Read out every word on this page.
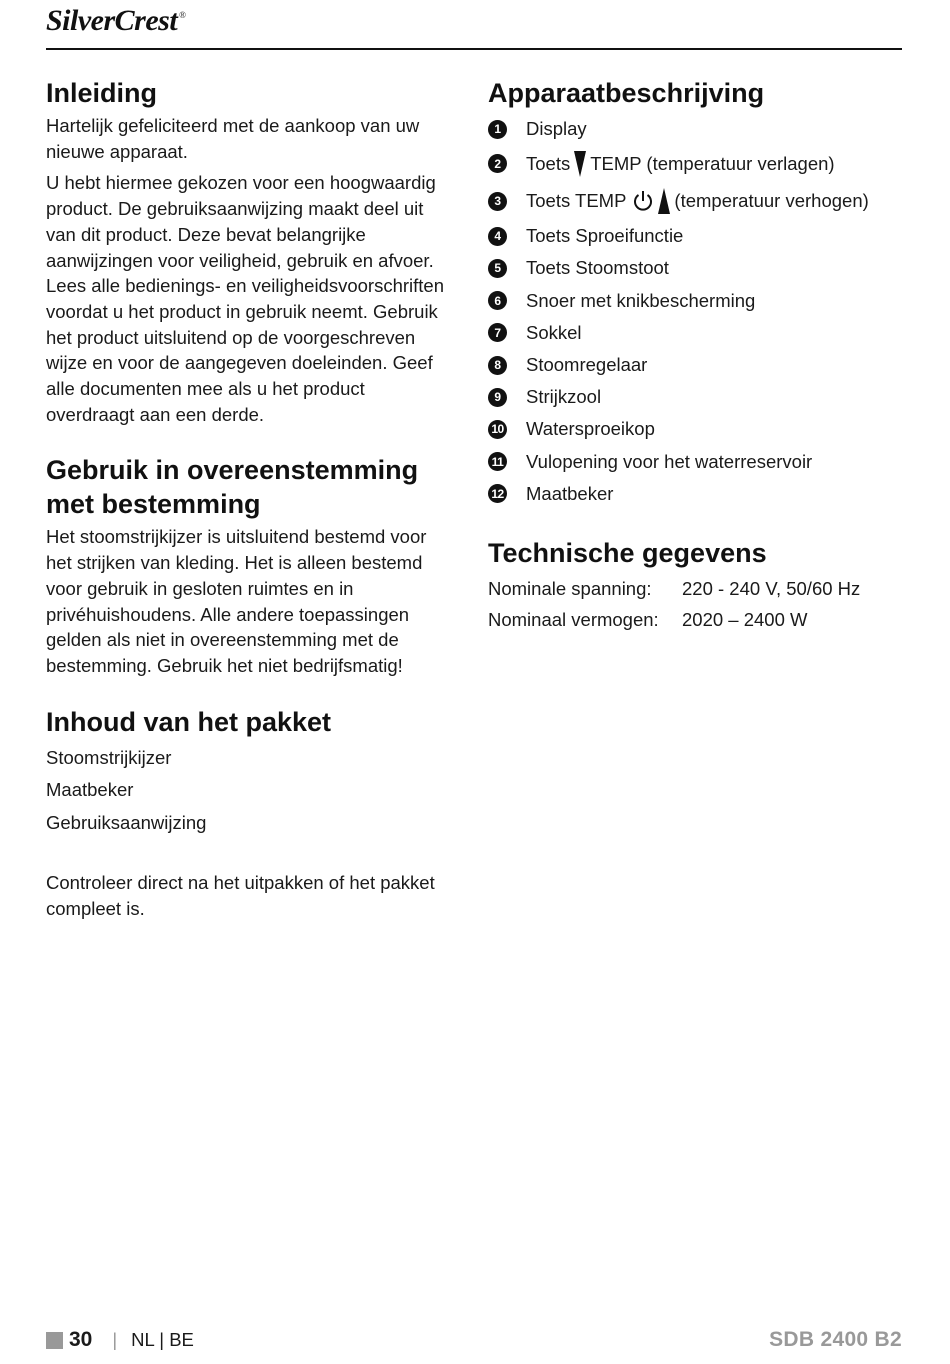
SilverCrest ®
Inleiding

Hartelijk gefeliciteerd met de aankoop van uw nieuwe apparaat.

U hebt hiermee gekozen voor een hoogwaardig product. De gebruiksaanwijzing maakt deel uit van dit product. Deze bevat belangrijke aanwijzingen voor veiligheid, gebruik en afvoer. Lees alle bedienings- en veiligheidsvoorschriften voordat u het product in gebruik neemt. Gebruik het product uitsluitend op de voorgeschreven wijze en voor de aangegeven doeleinden. Geef alle documenten mee als u het product overdraagt aan een derde.

Gebruik in overeenstemming met bestemming

Het stoomstrijkijzer is uitsluitend bestemd voor het strijken van kleding. Het is alleen bestemd voor gebruik in gesloten ruimtes en in privéhuishoudens. Alle andere toepassingen gelden als niet in overeenstemming met de bestemming. Gebruik het niet bedrijfsmatig!

Inhoud van het pakket
Stoomstrijkijzer
Maatbeker
Gebruiksaanwijzing

Controleer direct na het uitpakken of het pakket compleet is.

Apparaatbeschrijving
1	Display
2	Toets TEMP (temperatuur verlagen)
3	Toets TEMP	(temperatuur verhogen)
4	Toets Sproeifunctie
5	Toets Stoomstoot
6	Snoer met knikbescherming
7	Sokkel
8	Stoomregelaar
9	Strijkzool
10 Watersproeikop
11 Vulopening voor het waterreservoir
12 Maatbeker
Technische gegevens
Nominale spanning:	220 - 240 V, 50/60 Hz
Nominaal vermogen:	2020 – 2400 W
30 | NL | BE	SDB 2400 B2
